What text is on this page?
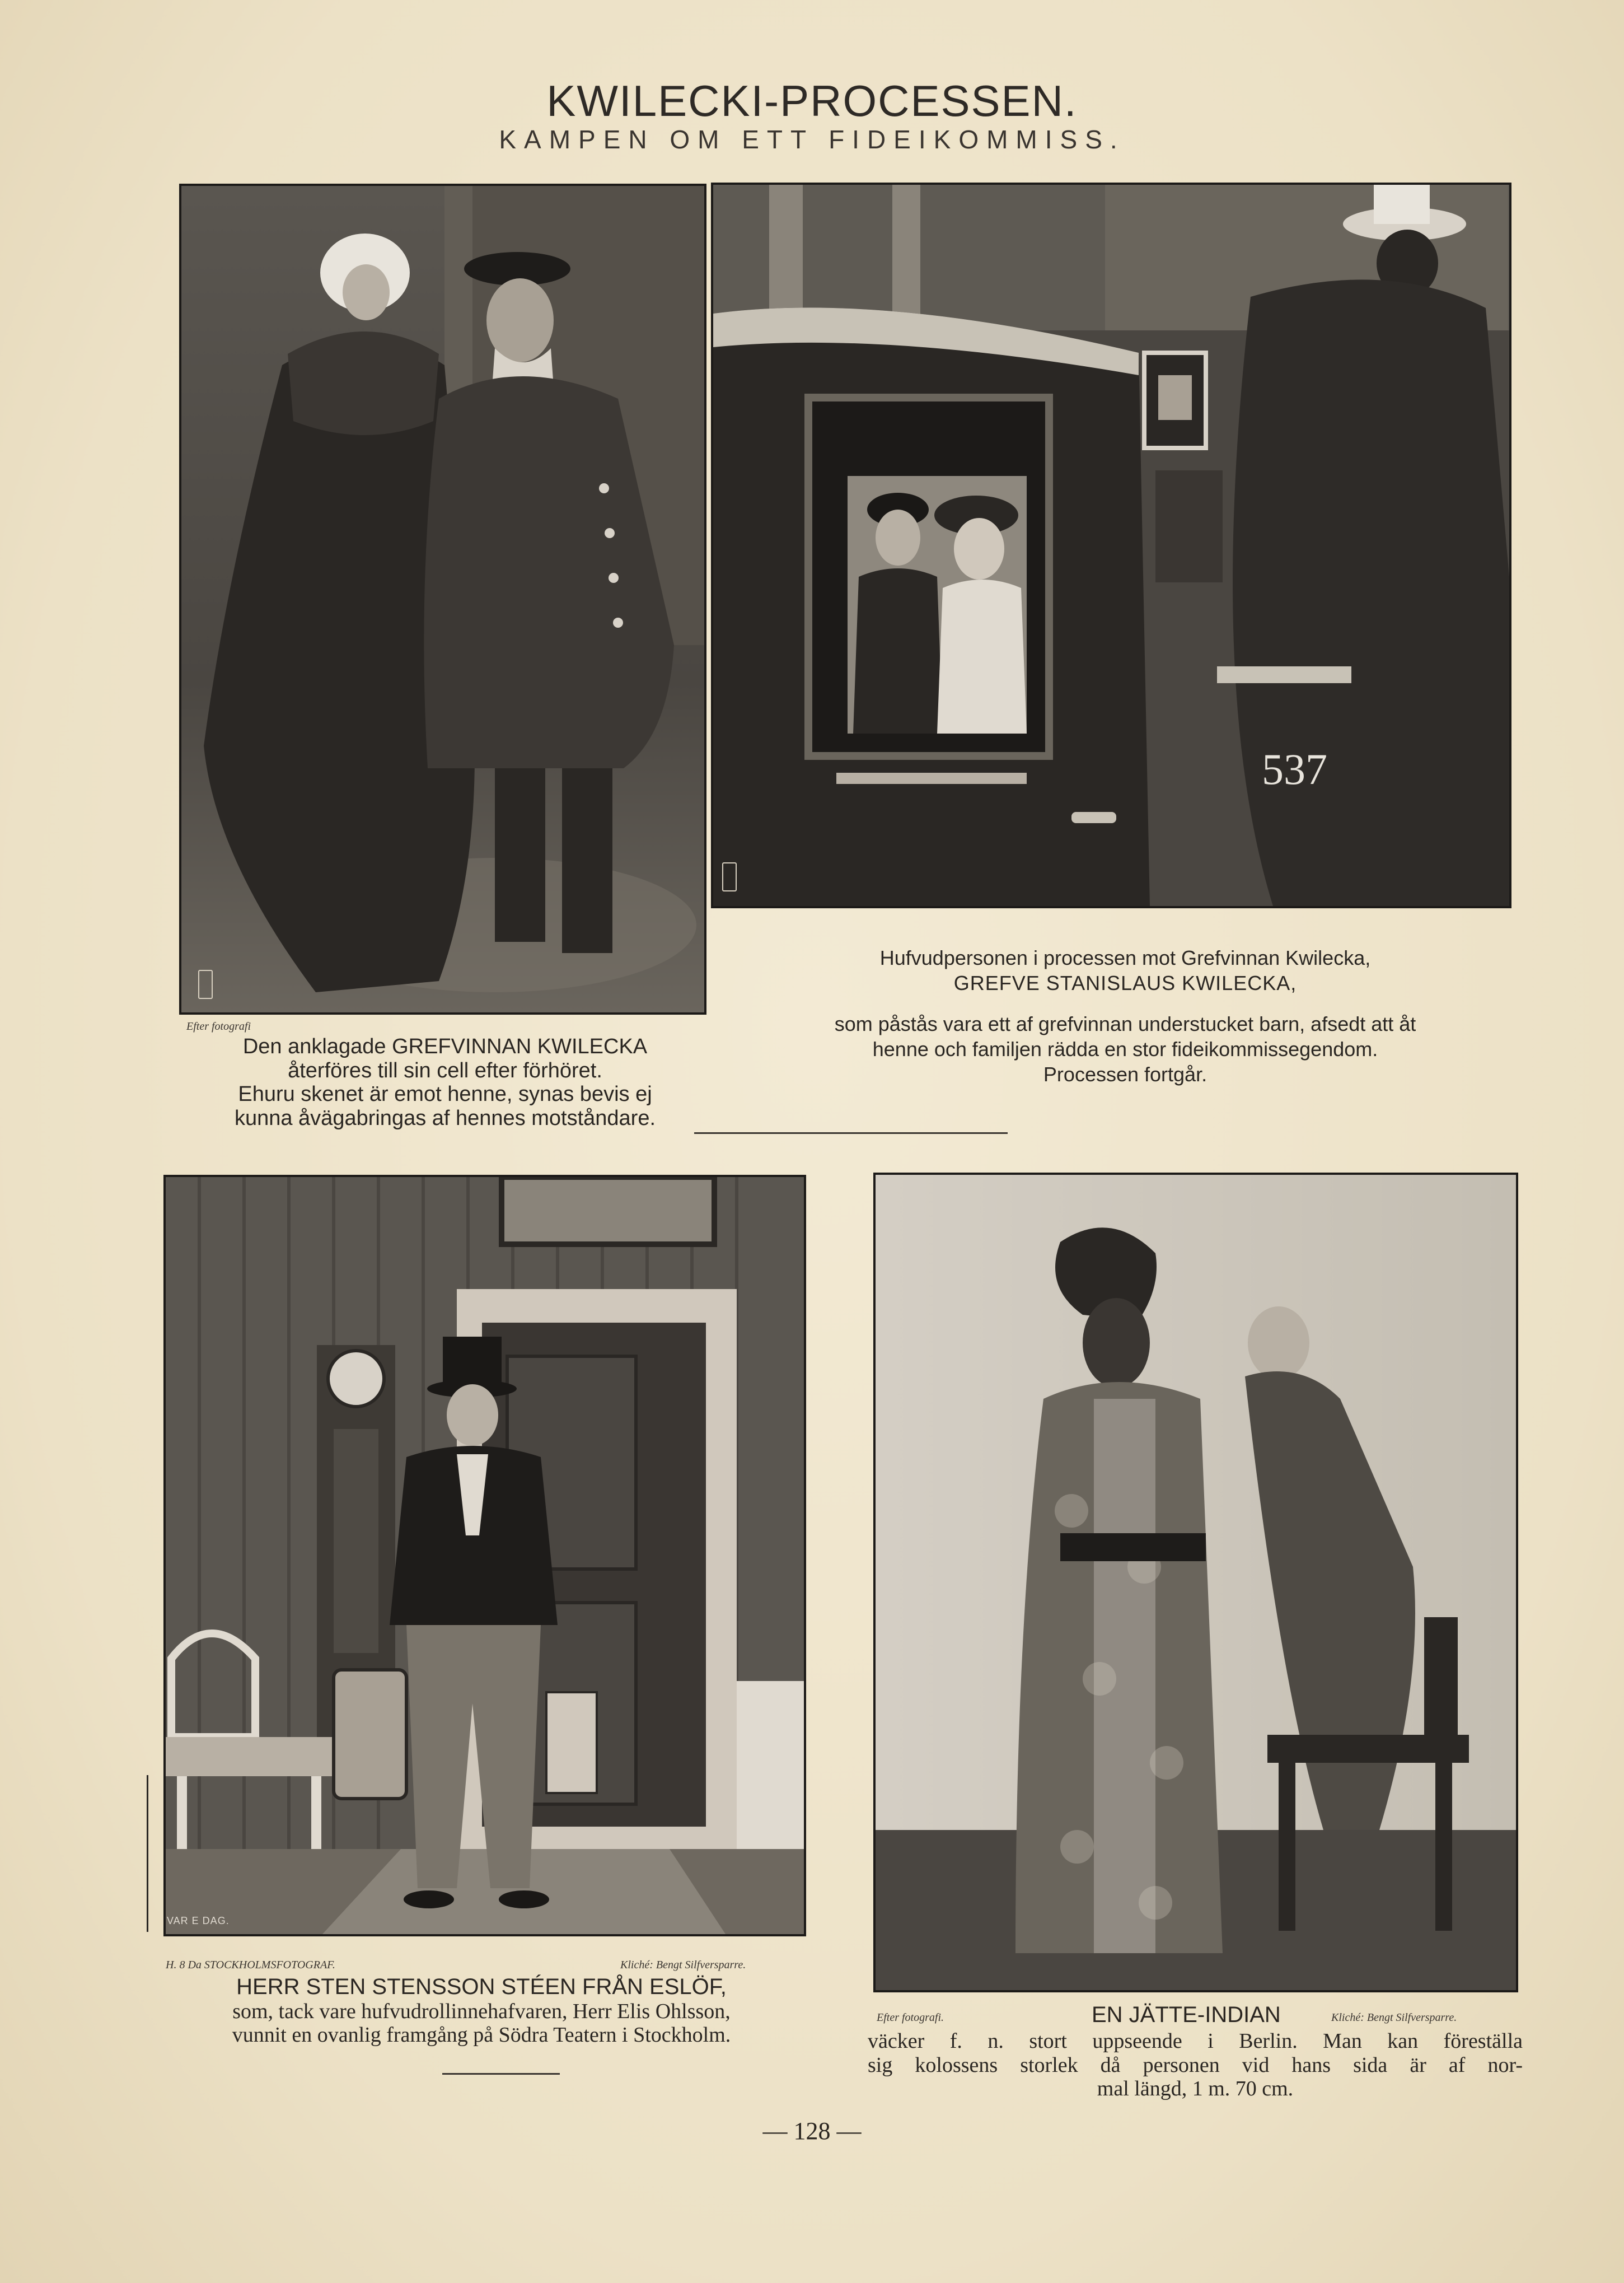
KWILECKI-PROCESSEN.
KAMPEN OM ETT FIDEIKOMMISS.
537
Efter fotografi
Den anklagade GREFVINNAN KWILECKA
återföres till sin cell efter förhöret.
Ehuru skenet är emot henne, synas bevis ej
kunna åvägabringas af hennes motståndare.
Hufvudpersonen i processen mot Grefvinnan Kwilecka,
GREFVE STANISLAUS KWILECKA,
som påstås vara ett af grefvinnan understucket barn, afsedt att åt
henne och familjen rädda en stor fideikommissegendom.
Processen fortgår.
VAR E DAG.
H. 8 Da STOCKHOLMSFOTOGRAF.	Kliché: Bengt Silfversparre.
HERR STEN STENSSON STÉEN FRÅN ESLÖF,
som, tack vare hufvudrollinnehafvaren, Herr Elis Ohlsson,
vunnit en ovanlig framgång på Södra Teatern i Stockholm.
Efter fotografi.	EN JÄTTE-INDIAN	Kliché: Bengt Silfversparre.
väcker f. n. stort uppseende i Berlin. Man kan föreställa
sig kolossens storlek då personen vid hans sida är af nor-
mal längd, 1 m. 70 cm.
— 128 —
